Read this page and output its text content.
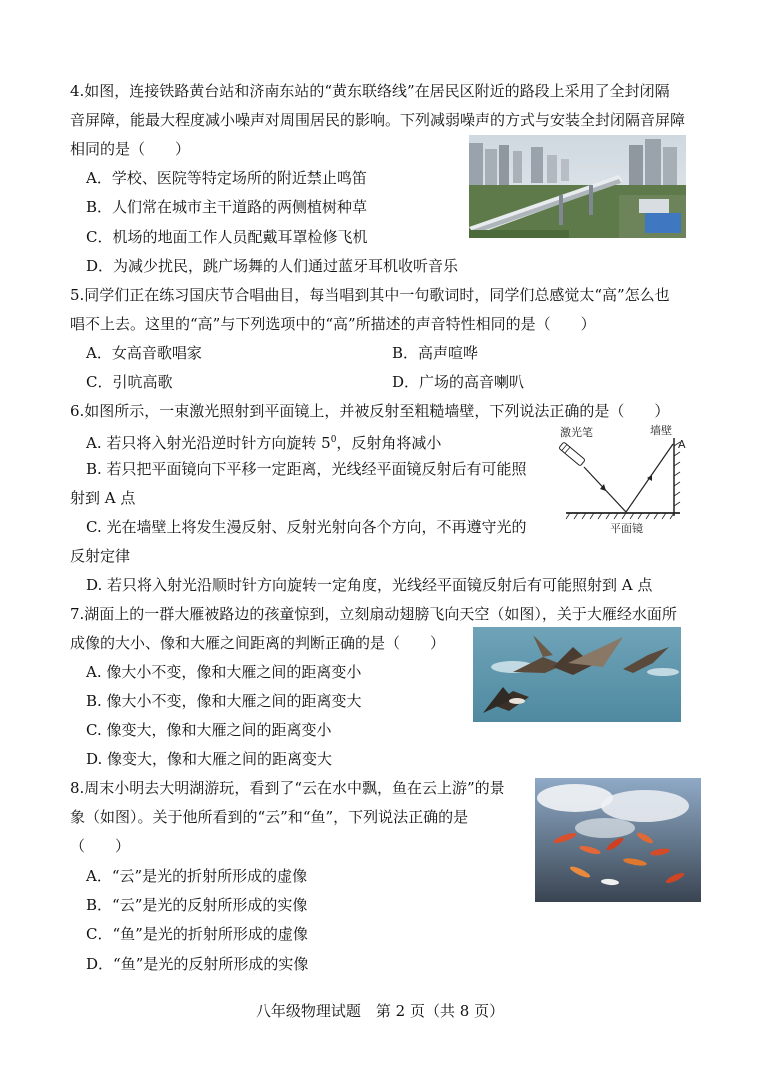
4.如图，连接铁路黄台站和济南东站的“黄东联络线”在居民区附近的路段上采用了全封闭隔
音屏障，能最大程度减小噪声对周围居民的影响。下列减弱噪声的方式与安装全封闭隔音屏障
相同的是（　　）
A．学校、医院等特定场所的附近禁止鸣笛
B．人们常在城市主干道路的两侧植树种草
C．机场的地面工作人员配戴耳罩检修飞机
D．为减少扰民，跳广场舞的人们通过蓝牙耳机收听音乐
5.同学们正在练习国庆节合唱曲目，每当唱到其中一句歌词时，同学们总感觉太“高”怎么也
唱不上去。这里的“高”与下列选项中的“高”所描述的声音特性相同的是（　　）
A．女高音歌唱家	B．高声喧哗
C．引吭高歌	D．广场的高音喇叭
6.如图所示，一束激光照射到平面镜上，并被反射至粗糙墙壁，下列说法正确的是（　　）
A. 若只将入射光沿逆时针方向旋转 $5^0$，反射角将减小
B. 若只把平面镜向下平移一定距离，光线经平面镜反射后有可能照
射到 A 点
C. 光在墙壁上将发生漫反射、反射光射向各个方向，不再遵守光的
反射定律
D. 若只将入射光沿顺时针方向旋转一定角度，光线经平面镜反射后有可能照射到 A 点
激光笔	墙壁
A
平面镜
7.湖面上的一群大雁被路边的孩童惊到，立刻扇动翅膀飞向天空（如图），关于大雁经水面所
成像的大小、像和大雁之间距离的判断正确的是（　　）
A. 像大小不变，像和大雁之间的距离变小
B. 像大小不变，像和大雁之间的距离变大
C. 像变大，像和大雁之间的距离变小
D. 像变大，像和大雁之间的距离变大
8.周末小明去大明湖游玩，看到了“云在水中飘，鱼在云上游”的景
象（如图）。关于他所看到的“云”和“鱼”，下列说法正确的是
（　　）
A．“云”是光的折射所形成的虚像
B．“云”是光的反射所形成的实像
C．“鱼”是光的折射所形成的虚像
D．“鱼”是光的反射所形成的实像
八年级物理试题　第 2 页（共 8 页）
